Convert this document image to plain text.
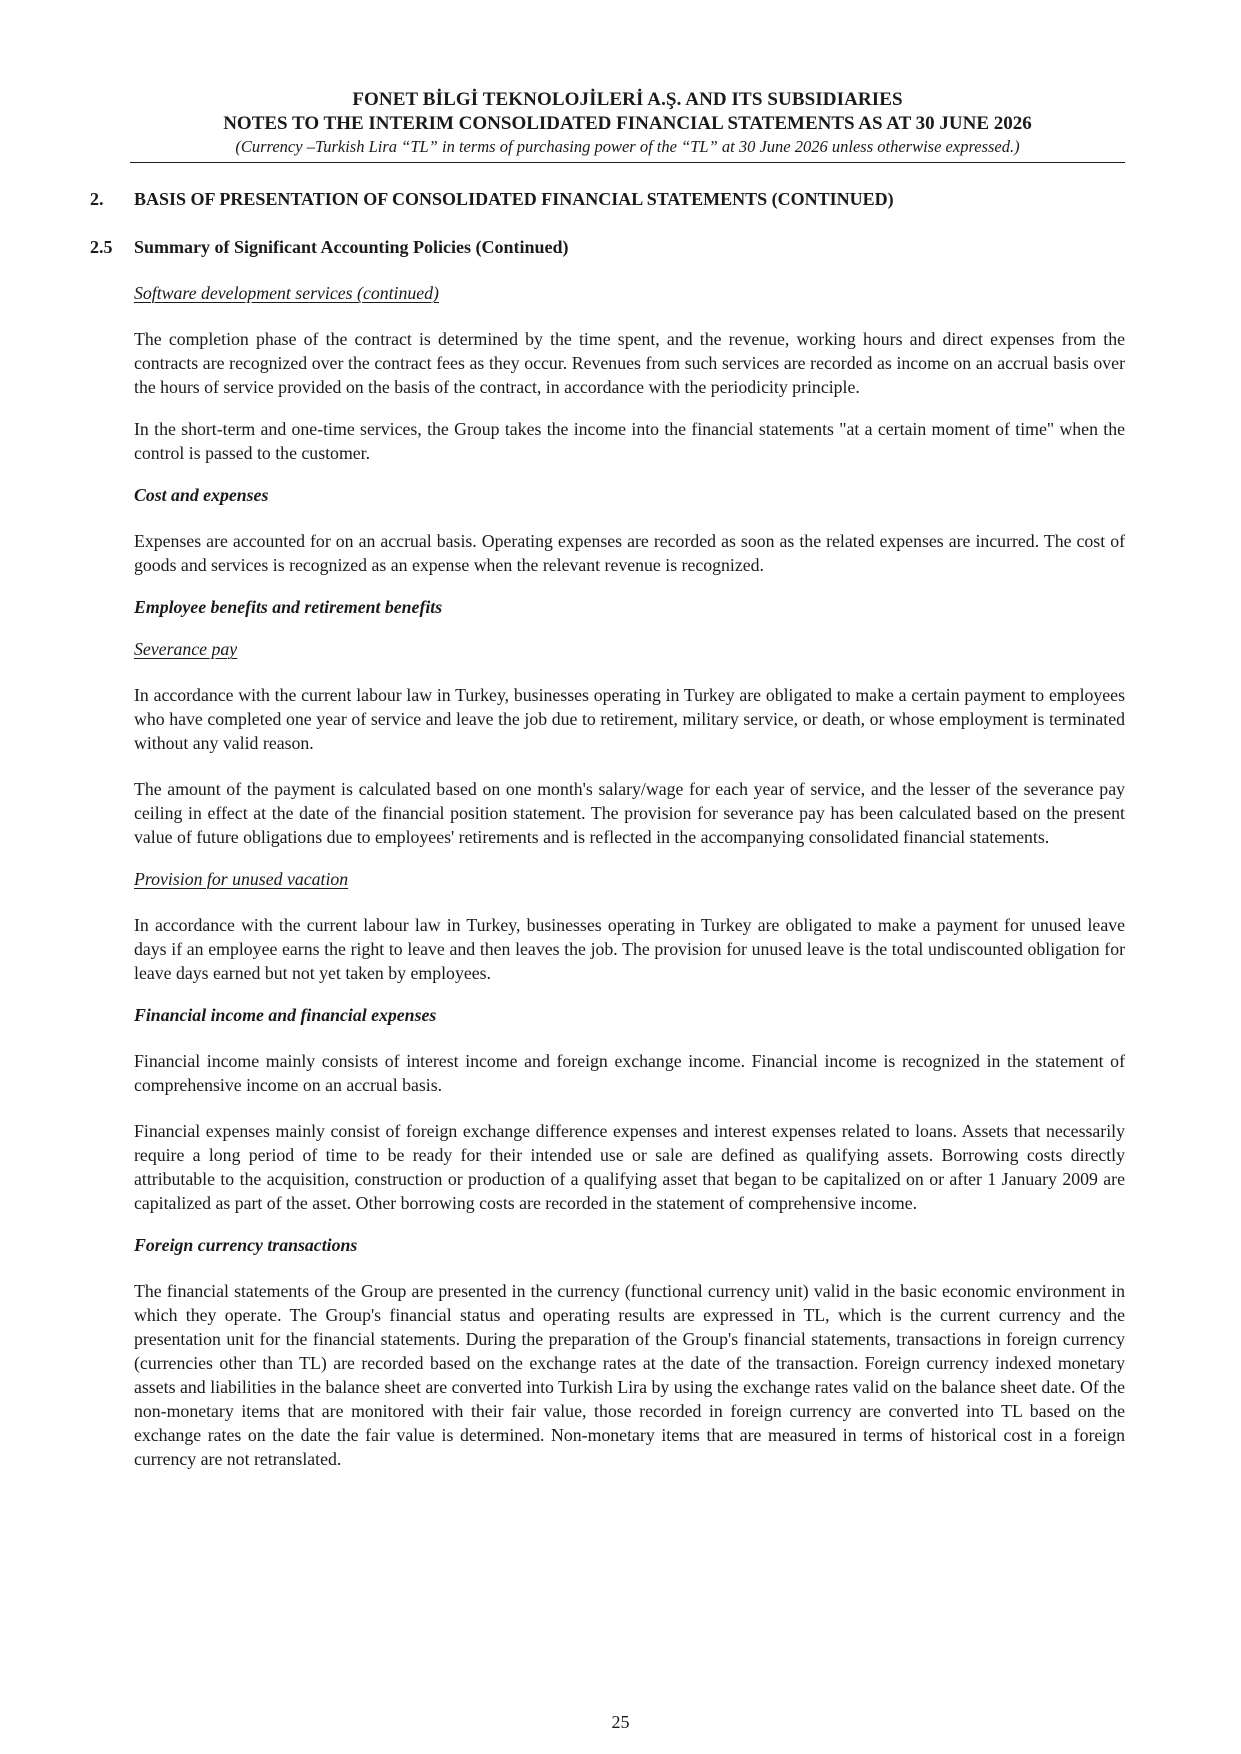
FONET BİLGİ TEKNOLOJİLERİ A.Ş. AND ITS SUBSIDIARIES
NOTES TO THE INTERIM CONSOLIDATED FINANCIAL STATEMENTS AS AT 30 JUNE 2026
(Currency –Turkish Lira “TL” in terms of purchasing power of the “TL” at 30 June 2026 unless otherwise expressed.)
2.	BASIS OF PRESENTATION OF CONSOLIDATED FINANCIAL STATEMENTS (CONTINUED)
2.5	Summary of Significant Accounting Policies (Continued)

Software development services (continued)

The completion phase of the contract is determined by the time spent, and the revenue, working hours and direct expenses from the contracts are recognized over the contract fees as they occur. Revenues from such services are recorded as income on an accrual basis over the hours of service provided on the basis of the contract, in accordance with the periodicity principle.

In the short-term and one-time services, the Group takes the income into the financial statements "at a certain moment of time" when the control is passed to the customer.

Cost and expenses

Expenses are accounted for on an accrual basis. Operating expenses are recorded as soon as the related expenses are incurred. The cost of goods and services is recognized as an expense when the relevant revenue is recognized.

Employee benefits and retirement benefits

Severance pay

In accordance with the current labour law in Turkey, businesses operating in Turkey are obligated to make a certain payment to employees who have completed one year of service and leave the job due to retirement, military service, or death, or whose employment is terminated without any valid reason.

The amount of the payment is calculated based on one month's salary/wage for each year of service, and the lesser of the severance pay ceiling in effect at the date of the financial position statement. The provision for severance pay has been calculated based on the present value of future obligations due to employees' retirements and is reflected in the accompanying consolidated financial statements.

Provision for unused vacation

In accordance with the current labour law in Turkey, businesses operating in Turkey are obligated to make a payment for unused leave days if an employee earns the right to leave and then leaves the job. The provision for unused leave is the total undiscounted obligation for leave days earned but not yet taken by employees.

Financial income and financial expenses

Financial income mainly consists of interest income and foreign exchange income. Financial income is recognized in the statement of comprehensive income on an accrual basis.

Financial expenses mainly consist of foreign exchange difference expenses and interest expenses related to loans. Assets that necessarily require a long period of time to be ready for their intended use or sale are defined as qualifying assets. Borrowing costs directly attributable to the acquisition, construction or production of a qualifying asset that began to be capitalized on or after 1 January 2009 are capitalized as part of the asset. Other borrowing costs are recorded in the statement of comprehensive income.

Foreign currency transactions

The financial statements of the Group are presented in the currency (functional currency unit) valid in the basic economic environment in which they operate. The Group's financial status and operating results are expressed in TL, which is the current currency and the presentation unit for the financial statements. During the preparation of the Group's financial statements, transactions in foreign currency (currencies other than TL) are recorded based on the exchange rates at the date of the transaction. Foreign currency indexed monetary assets and liabilities in the balance sheet are converted into Turkish Lira by using the exchange rates valid on the balance sheet date. Of the non-monetary items that are monitored with their fair value, those recorded in foreign currency are converted into TL based on the exchange rates on the date the fair value is determined. Non-monetary items that are measured in terms of historical cost in a foreign currency are not retranslated.

25
